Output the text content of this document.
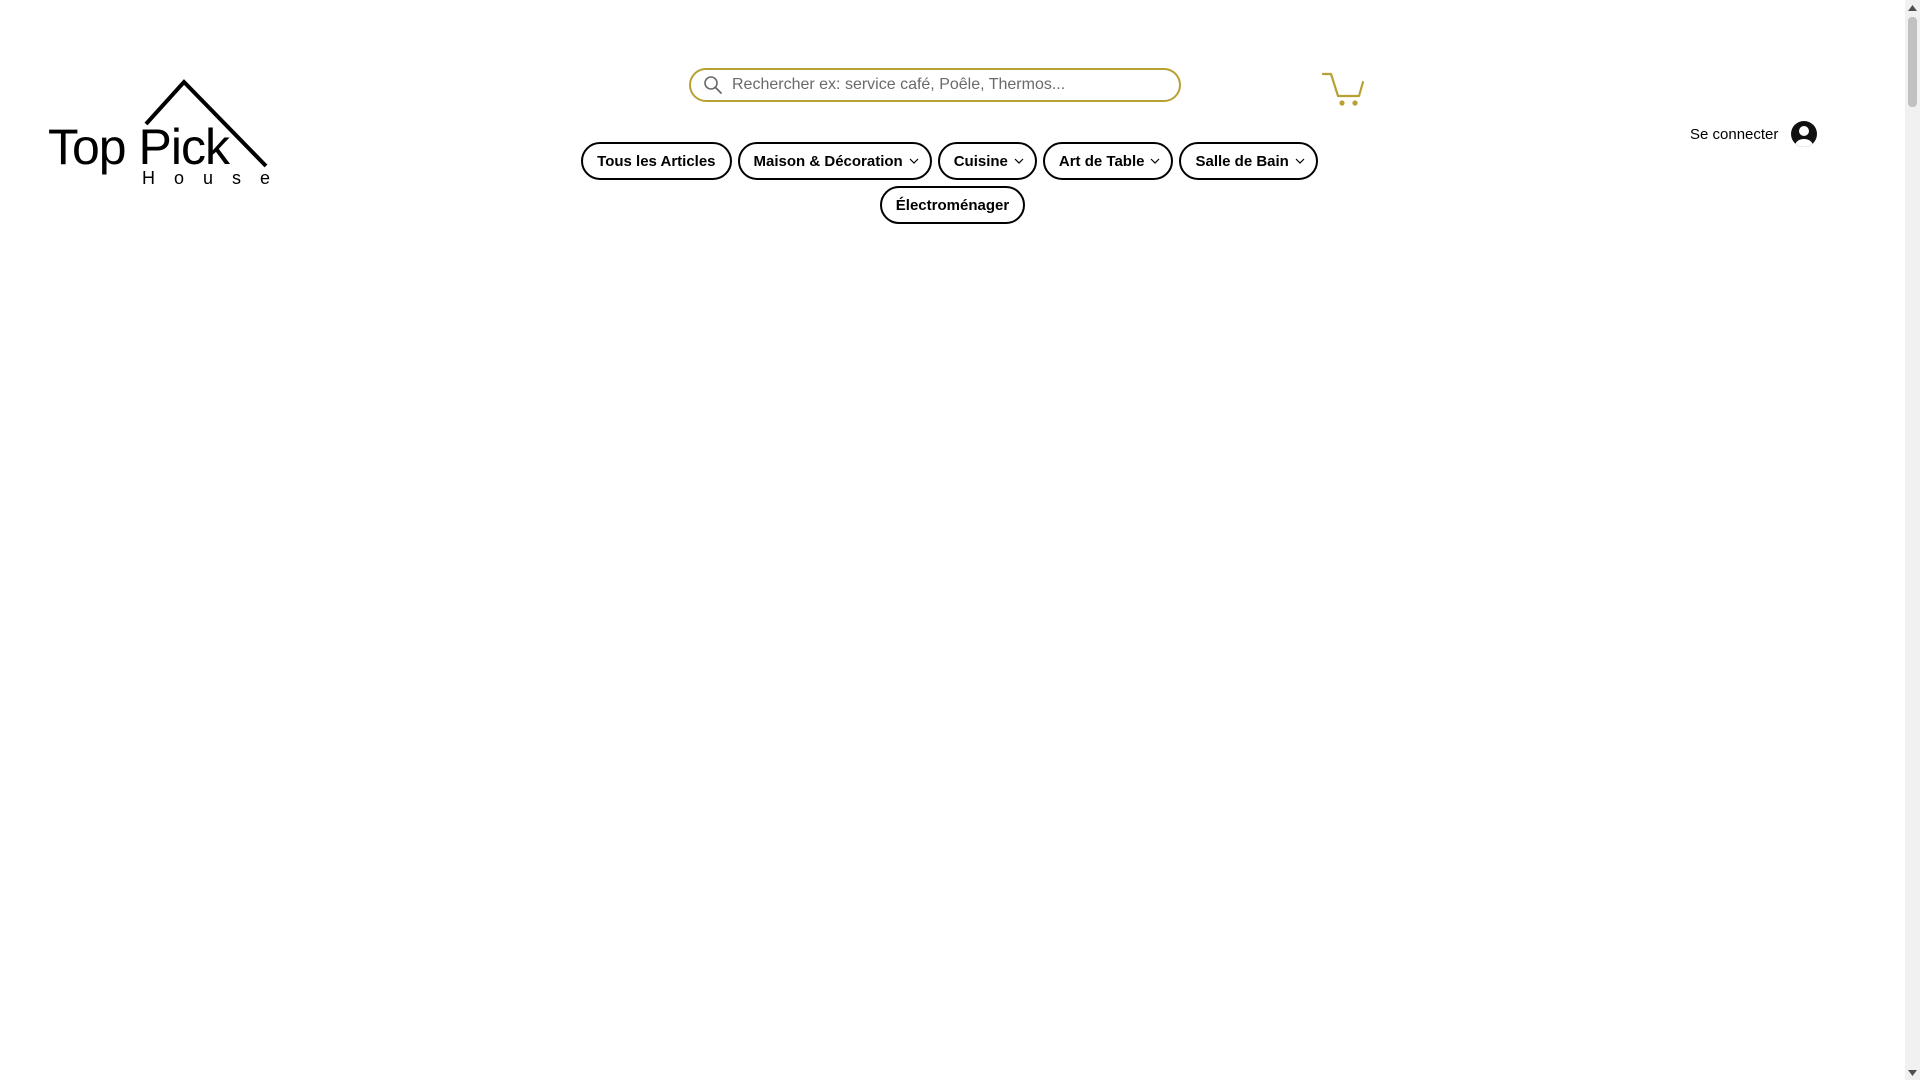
Top Pick
House
Rechercher ex: service café, Poêle, Thermos...
Se connecter
Tous les Articles	Maison & Décoration	Cuisine	Art de Table	Salle de Bain
Électroménager
